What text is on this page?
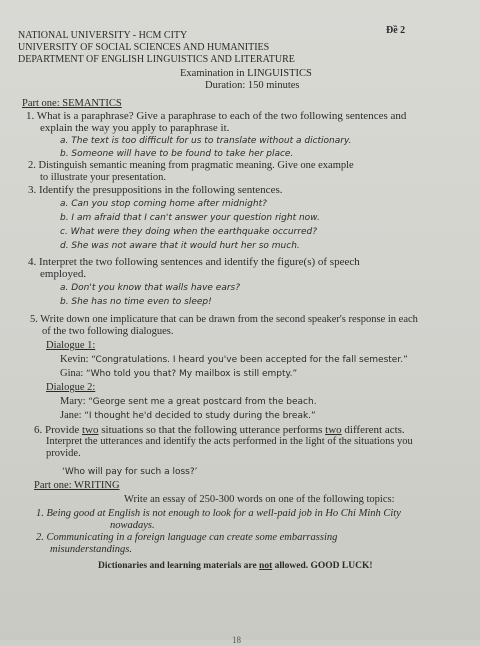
Đề 2
NATIONAL UNIVERSITY - HCM CITY
UNIVERSITY OF SOCIAL SCIENCES AND HUMANITIES
DEPARTMENT OF ENGLISH LINGUISTICS AND LITERATURE
Examination in LINGUISTICS
Duration: 150 minutes
Part one: SEMANTICS
1. What is a paraphrase? Give a paraphrase to each of the two following sentences and
explain the way you apply to paraphrase it.
a. The text is too difficult for us to translate without a dictionary.
b. Someone will have to be found to take her place.
2. Distinguish semantic meaning from pragmatic meaning. Give one example
to illustrate your presentation.
3. Identify the presuppositions in the following sentences.
a. Can you stop coming home after midnight?
b. I am afraid that I can't answer your question right now.
c. What were they doing when the earthquake occurred?
d. She was not aware that it would hurt her so much.
4. Interpret the two following sentences and identify the figure(s) of speech
employed.
a. Don't you know that walls have ears?
b. She has no time even to sleep!
5. Write down one implicature that can be drawn from the second speaker's response in each
of the two following dialogues.
Dialogue 1:
Kevin: “Congratulations. I heard you've been accepted for the fall semester.”
Gina: “Who told you that? My mailbox is still empty.”
Dialogue 2:
Mary: “George sent me a great postcard from the beach.
Jane: “I thought he'd decided to study during the break.”
6. Provide two situations so that the following utterance performs two different acts.
Interpret the utterances and identify the acts performed in the light of the situations you
provide.
‘Who will pay for such a loss?’
Part one: WRITING
Write an essay of 250-300 words on one of the following topics:
1. Being good at English is not enough to look for a well-paid job in Ho Chi Minh City
nowadays.
2. Communicating in a foreign language can create some embarrassing
misunderstandings.
Dictionaries and learning materials are not allowed. GOOD LUCK!
18
